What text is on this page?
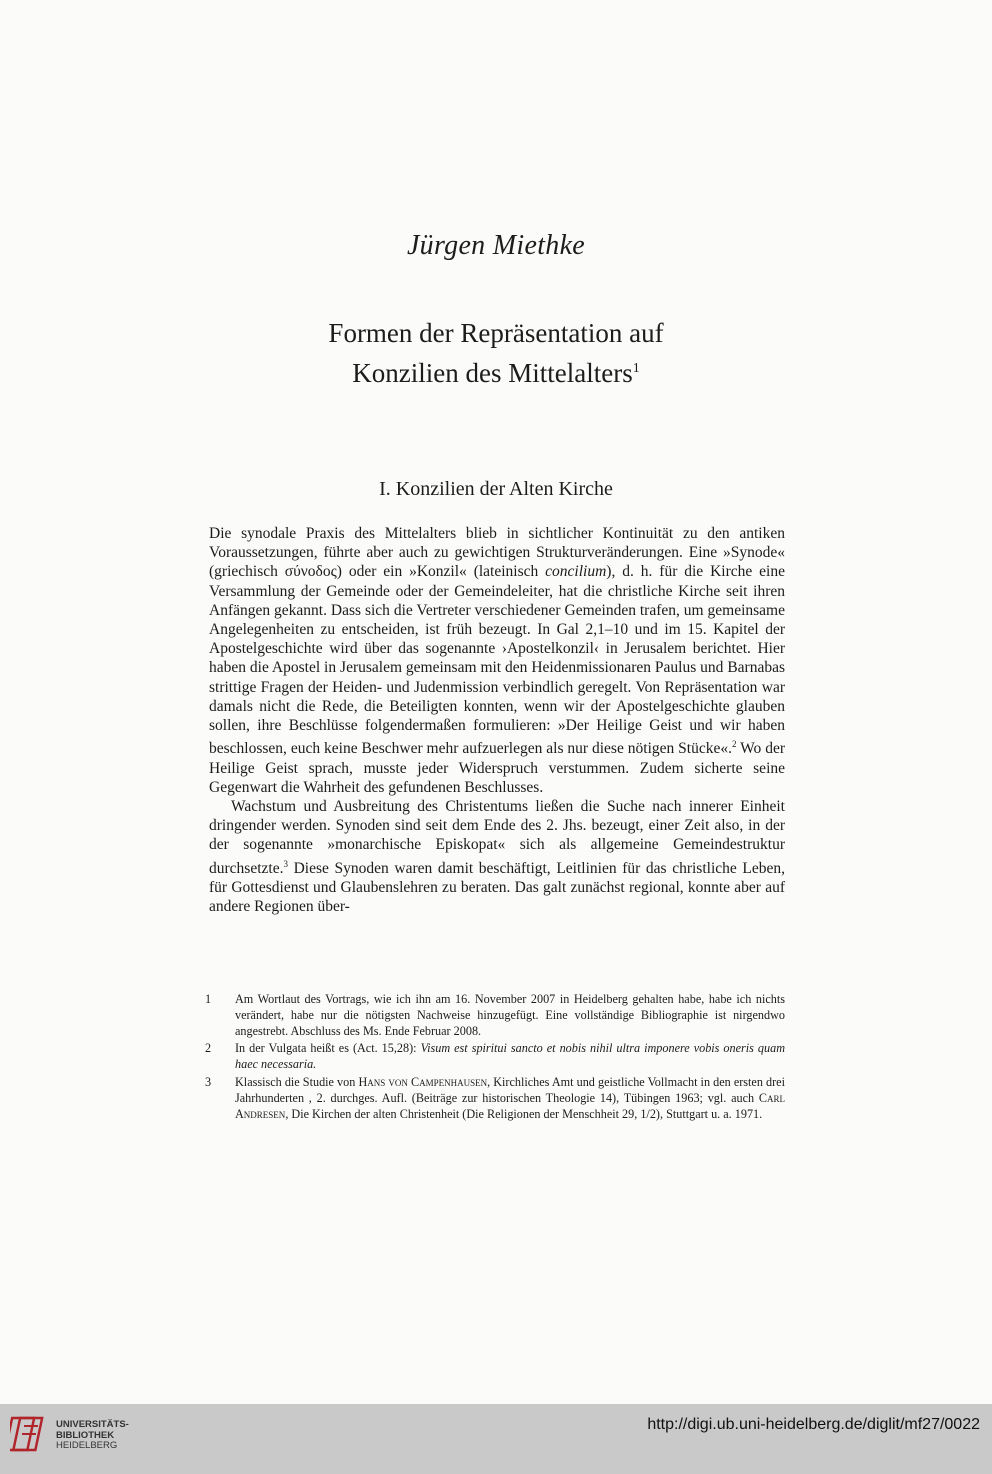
Jürgen Miethke
Formen der Repräsentation auf
Konzilien des Mittelalters$^1$
I. Konzilien der Alten Kirche

Die synodale Praxis des Mittelalters blieb in sichtlicher Kontinuität zu den antiken Voraussetzungen, führte aber auch zu gewichtigen Strukturveränderungen. Eine »Synode« (griechisch σύνοδος) oder ein »Konzil« (lateinisch concilium), d. h. für die Kirche eine Versammlung der Gemeinde oder der Gemeindeleiter, hat die christliche Kirche seit ihren Anfängen gekannt. Dass sich die Vertreter verschiedener Gemeinden trafen, um gemeinsame Angelegenheiten zu entscheiden, ist früh bezeugt. In Gal 2,1–10 und im 15. Kapitel der Apostelgeschichte wird über das sogenannte ›Apostelkonzil‹ in Jerusalem berichtet. Hier haben die Apostel in Jerusalem gemeinsam mit den Heidenmissionaren Paulus und Barnabas strittige Fragen der Heiden- und Judenmission verbindlich geregelt. Von Repräsentation war damals nicht die Rede, die Beteiligten konnten, wenn wir der Apostelgeschichte glauben sollen, ihre Beschlüsse folgendermaßen formulieren: »Der Heilige Geist und wir haben beschlossen, euch keine Beschwer mehr aufzuerlegen als nur diese nötigen Stücke«.$^2$ Wo der Heilige Geist sprach, musste jeder Widerspruch verstummen. Zudem sicherte seine Gegenwart die Wahrheit des gefundenen Beschlusses.

Wachstum und Ausbreitung des Christentums ließen die Suche nach innerer Einheit dringender werden. Synoden sind seit dem Ende des 2. Jhs. bezeugt, einer Zeit also, in der der sogenannte »monarchische Episkopat« sich als allgemeine Gemeindestruktur durchsetzte.$^3$ Diese Synoden waren damit beschäftigt, Leitlinien für das christliche Leben, für Gottesdienst und Glaubenslehren zu beraten. Das galt zunächst regional, konnte aber auf andere Regionen über-

1	Am Wortlaut des Vortrags, wie ich ihn am 16. November 2007 in Heidelberg gehalten habe, habe ich nichts verändert, habe nur die nötigsten Nachweise hinzugefügt. Eine vollständige Bibliographie ist nirgendwo angestrebt. Abschluss des Ms. Ende Februar 2008.
2	In der Vulgata heißt es (Act. 15,28): Visum est spiritui sancto et nobis nihil ultra imponere vobis oneris quam haec necessaria.
3	Klassisch die Studie von Hans von Campenhausen, Kirchliches Amt und geistliche Vollmacht in den ersten drei Jahrhunderten , 2. durchges. Aufl. (Beiträge zur historischen Theologie 14), Tübingen 1963; vgl. auch Carl Andresen, Die Kirchen der alten Christenheit (Die Religionen der Menschheit 29, 1/2), Stuttgart u. a. 1971.
UNIVERSITÄTS-
BIBLIOTHEK
HEIDELBERG
http://digi.ub.uni-heidelberg.de/diglit/mf27/0022
